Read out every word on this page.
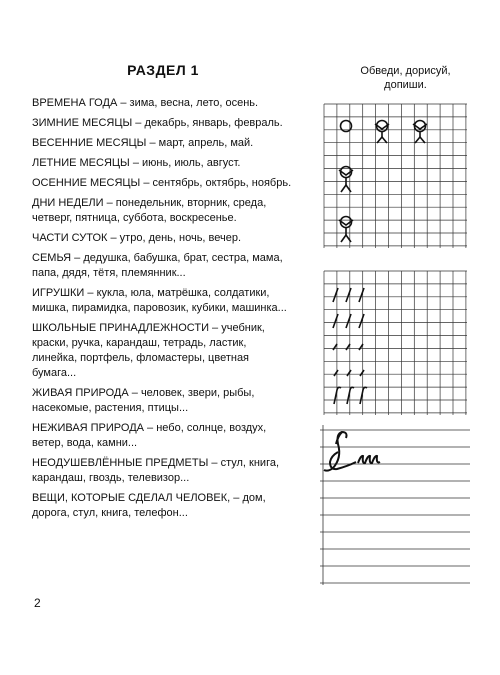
РАЗДЕЛ 1
ВРЕМЕНА ГОДА – зима, весна, лето, осень.
ЗИМНИЕ МЕСЯЦЫ – декабрь, январь, февраль.
ВЕСЕННИЕ МЕСЯЦЫ – март, апрель, май.
ЛЕТНИЕ МЕСЯЦЫ – июнь, июль, август.
ОСЕННИЕ МЕСЯЦЫ – сентябрь, октябрь, ноябрь.
ДНИ НЕДЕЛИ – понедельник, вторник, среда, четверг, пятница, суббота, воскресенье.
ЧАСТИ СУТОК – утро, день, ночь, вечер.
СЕМЬЯ – дедушка, бабушка, брат, сестра, мама, папа, дядя, тётя, племянник...
ИГРУШКИ – кукла, юла, матрёшка, солдатики, мишка, пирамидка, паровозик, кубики, машинка...
ШКОЛЬНЫЕ ПРИНАДЛЕЖНОСТИ – учебник, краски, ручка, карандаш, тетрадь, ластик, линейка, портфель, фломастеры, цветная бумага...
ЖИВАЯ ПРИРОДА – человек, звери, рыбы, насекомые, растения, птицы...
НЕЖИВАЯ ПРИРОДА – небо, солнце, воздух, ветер, вода, камни...
НЕОДУШЕВЛЁННЫЕ ПРЕДМЕТЫ – стул, книга, карандаш, гвоздь, телевизор...
ВЕЩИ, КОТОРЫЕ СДЕЛАЛ ЧЕЛОВЕК, – дом, дорога, стул, книга, телефон...
2
Обведи, дорисуй, допиши.
